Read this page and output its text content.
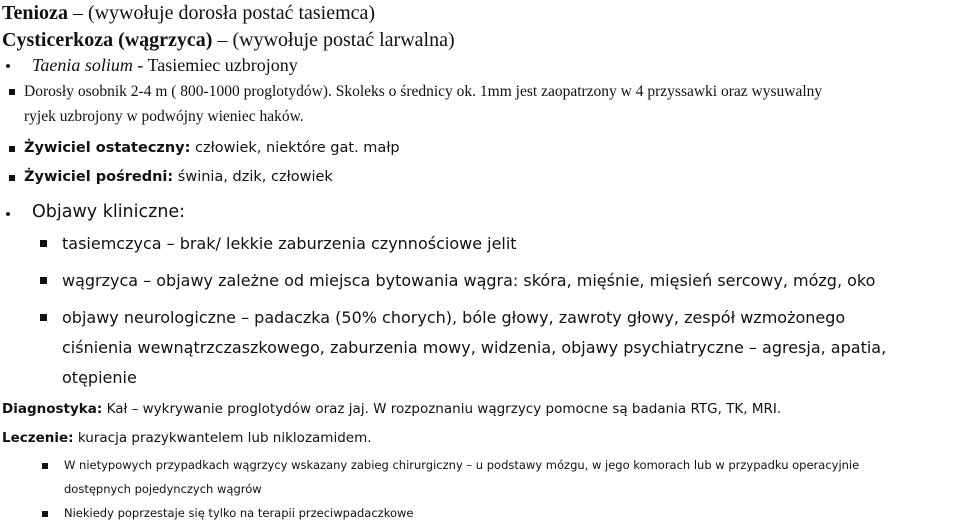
Tenioza – (wywołuje dorosła postać tasiemca)
Cysticerkoza (wągrzyca) – (wywołuje postać larwalna)
Taenia solium - Tasiemiec uzbrojony
Dorosły osobnik 2-4 m ( 800-1000 proglotydów). Skoleks o średnicy ok. 1mm jest zaopatrzony w 4 przyssawki oraz wysuwalny
ryjek uzbrojony w podwójny wieniec haków.
Żywiciel ostateczny: człowiek, niektóre gat. małp
Żywiciel pośredni: świnia, dzik, człowiek
Objawy kliniczne:
tasiemczyca – brak/ lekkie zaburzenia czynnościowe jelit
wągrzyca – objawy zależne od miejsca bytowania wągra: skóra, mięśnie, mięsień sercowy, mózg, oko
objawy neurologiczne – padaczka (50% chorych), bóle głowy, zawroty głowy, zespół wzmożonego
ciśnienia wewnątrzczaszkowego, zaburzenia mowy, widzenia, objawy psychiatryczne – agresja, apatia,
otępienie
Diagnostyka: Kał – wykrywanie proglotydów oraz jaj. W rozpoznaniu wągrzycy pomocne są badania RTG, TK, MRI.
Leczenie: kuracja prazykwantelem lub niklozamidem.
W nietypowych przypadkach wągrzycy wskazany zabieg chirurgiczny – u podstawy mózgu, w jego komorach lub w przypadku operacyjnie
dostępnych pojedynczych wągrów
Niekiedy poprzestaje się tylko na terapii przeciwpadaczkowe
